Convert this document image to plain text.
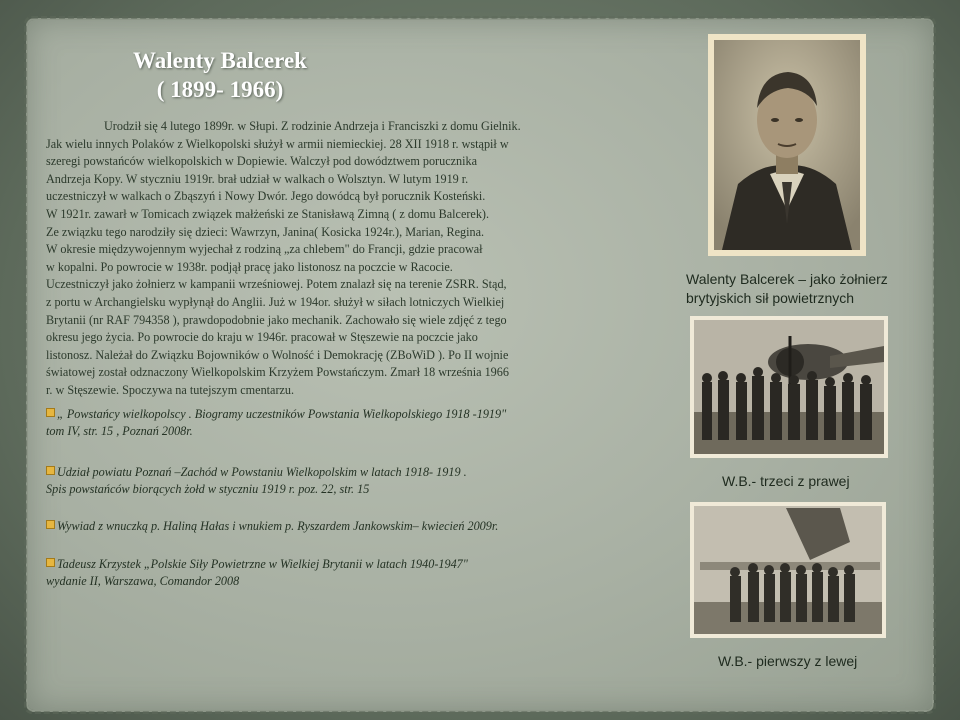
Walenty Balcerek
( 1899- 1966)
Urodził się 4 lutego 1899r. w Słupi. Z rodzinie Andrzeja i Franciszki z domu Gielnik.
Jak wielu innych Polaków z Wielkopolski służył w armii niemieckiej. 28 XII 1918 r. wstąpił w
szeregi powstańców wielkopolskich w Dopiewie. Walczył pod dowództwem porucznika
Andrzeja Kopy. W styczniu 1919r. brał udział w walkach o Wolsztyn. W lutym 1919 r.
uczestniczył w walkach o Zbąszyń i Nowy Dwór. Jego dowódcą był porucznik Kosteński.
W 1921r. zawarł w Tomicach związek małżeński ze Stanisławą Zimną ( z domu Balcerek).
Ze związku tego narodziły się dzieci: Wawrzyn, Janina( Kosicka 1924r.), Marian, Regina.
W okresie międzywojennym wyjechał z rodziną „za chlebem" do Francji, gdzie pracował
w kopalni. Po powrocie w 1938r. podjął pracę jako listonosz na poczcie w Racocie.
Uczestniczył jako żołnierz w kampanii wrześniowej. Potem znalazł się na terenie ZSRR. Stąd,
z portu w Archangielsku wypłynął do Anglii. Już w 194or. służył w siłach lotniczych Wielkiej
Brytanii (nr RAF 794358 ), prawdopodobnie jako mechanik. Zachowało się wiele zdjęć z tego
okresu jego życia. Po powrocie do kraju w 1946r. pracował w Stęszewie na poczcie jako
listonosz. Należał do Związku Bojowników o Wolność i Demokrację (ZBoWiD ). Po II wojnie
światowej został odznaczony Wielkopolskim Krzyżem Powstańczym. Zmarł 18 września 1966
r. w Stęszewie. Spoczywa na tutejszym cmentarzu.
„ Powstańcy wielkopolscy . Biogramy uczestników Powstania Wielkopolskiego 1918 -1919"
tom IV, str. 15 , Poznań 2008r.
Udział powiatu Poznań –Zachód w Powstaniu Wielkopolskim w latach 1918- 1919 .
Spis powstańców biorących żołd w styczniu 1919 r. poz. 22, str. 15
Wywiad z wnuczką p. Haliną Hałas i wnukiem p. Ryszardem Jankowskim– kwiecień 2009r.
Tadeusz Krzystek „Polskie Siły Powietrzne w Wielkiej Brytanii w latach 1940-1947"
wydanie II, Warszawa, Comandor 2008
Walenty Balcerek – jako żołnierz brytyjskich sił powietrznych
W.B.- trzeci z prawej
W.B.- pierwszy z lewej
